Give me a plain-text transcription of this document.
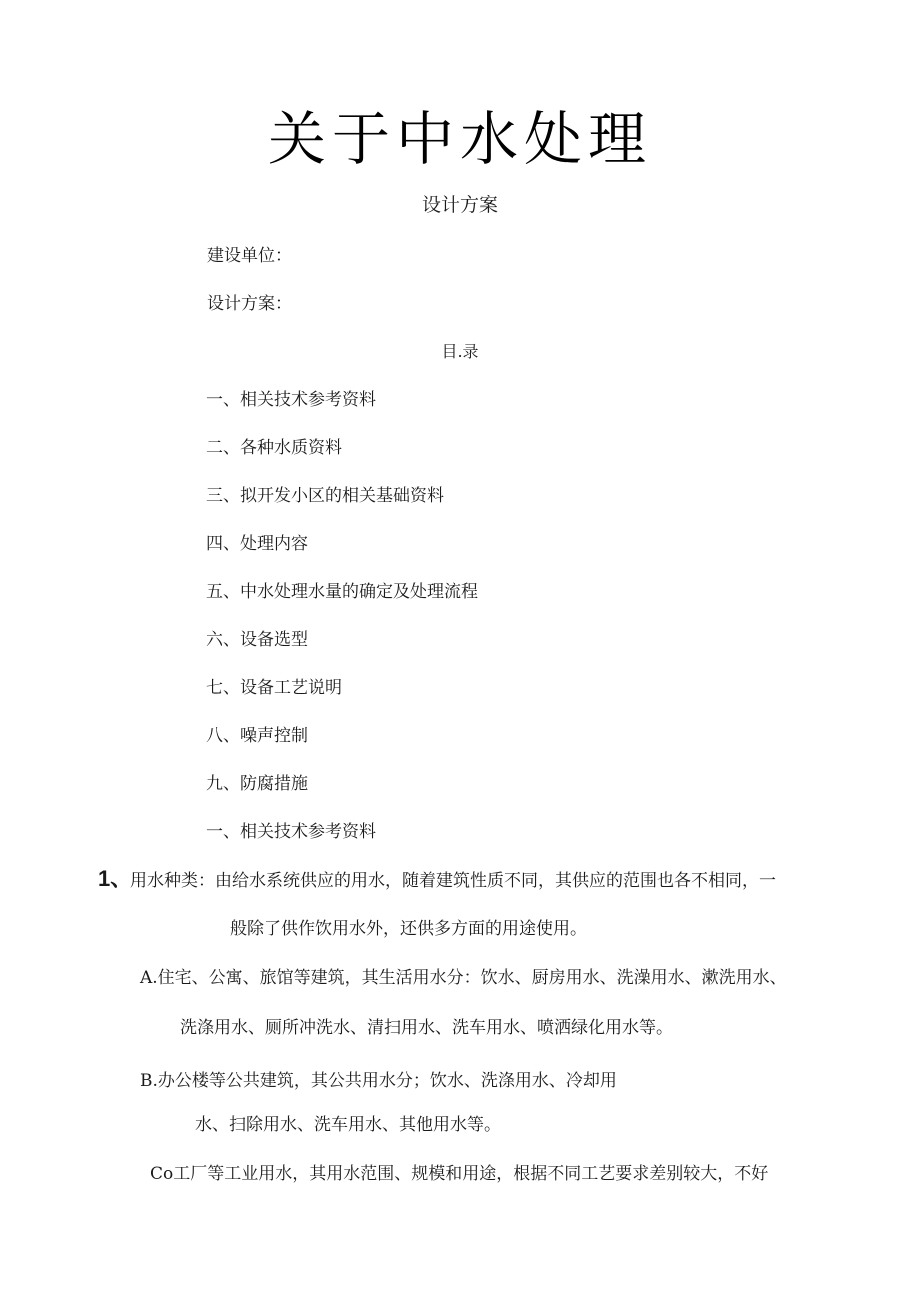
关于中水处理
设计方案
建设单位：
设计方案：
目.录
一、相关技术参考资料
二、各种水质资料
三、拟开发小区的相关基础资料
四、处理内容
五、中水处理水量的确定及处理流程
六、设备选型
七、设备工艺说明
八、噪声控制
九、防腐措施
一、相关技术参考资料
1、
用水种类：由给水系统供应的用水，随着建筑性质不同，其供应的范围也各不相同，一
般除了供作饮用水外，还供多方面的用途使用。
A.住宅、公寓、旅馆等建筑，其生活用水分：饮水、厨房用水、洗澡用水、漱洗用水、
洗涤用水、厕所冲洗水、清扫用水、洗车用水、喷洒绿化用水等。
B.办公楼等公共建筑，其公共用水分；饮水、洗涤用水、冷却用
水、扫除用水、洗车用水、其他用水等。
Co工厂等工业用水，其用水范围、规模和用途，根据不同工艺要求差别较大，不好
